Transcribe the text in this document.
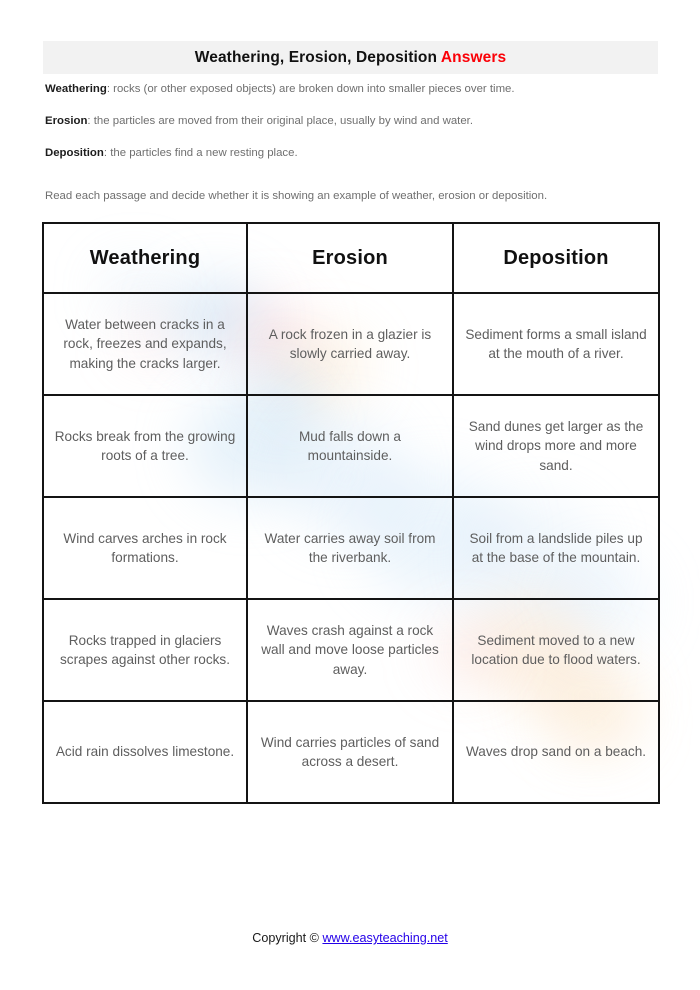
Weathering, Erosion, Deposition Answers
Weathering: rocks (or other exposed objects) are broken down into smaller pieces over time.
Erosion: the particles are moved from their original place, usually by wind and water.
Deposition: the particles find a new resting place.
Read each passage and decide whether it is showing an example of weather, erosion or deposition.
Weathering	Erosion	Deposition
Water between cracks in a rock, freezes and expands, making the cracks larger.	A rock frozen in a glazier is slowly carried away.	Sediment forms a small island at the mouth of a river.
Rocks break from the growing roots of a tree.	Mud falls down a mountainside.	Sand dunes get larger as the wind drops more and more sand.
Wind carves arches in rock formations.	Water carries away soil from the riverbank.	Soil from a landslide piles up at the base of the mountain.
Rocks trapped in glaciers scrapes against other rocks.	Waves crash against a rock wall and move loose particles away.	Sediment moved to a new location due to flood waters.
Acid rain dissolves limestone.	Wind carries particles of sand across a desert.	Waves drop sand on a beach.
Copyright © www.easyteaching.net
